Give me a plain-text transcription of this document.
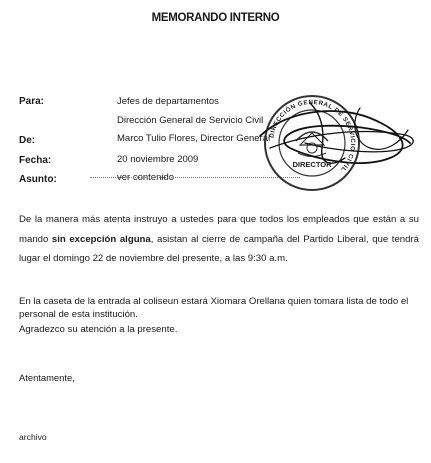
MEMORANDO INTERNO
Para:	Jefes de departamentos
Dirección General de Servicio Civil
De:	Marco Tulio Flores, Director General
Fecha:	20 noviembre 2009
Asunto:	ver contenido
DIRECCIÓN GENERAL DE SERVICIO CIVIL
DIRECTOR
De la manera más atenta instruyo a ustedes para que todos los empleados que están a su mando sin excepción alguna, asistan al cierre de campaña del Partido Liberal, que tendrá lugar el domingo 22 de noviembre del presente, a las 9:30 a.m.
En la caseta de la entrada al coliseun estará Xiomara Orellana quien tomara lista de todo el personal de esta institución.
Agradezco su atención a la presente.
Atentamente,
archivo
